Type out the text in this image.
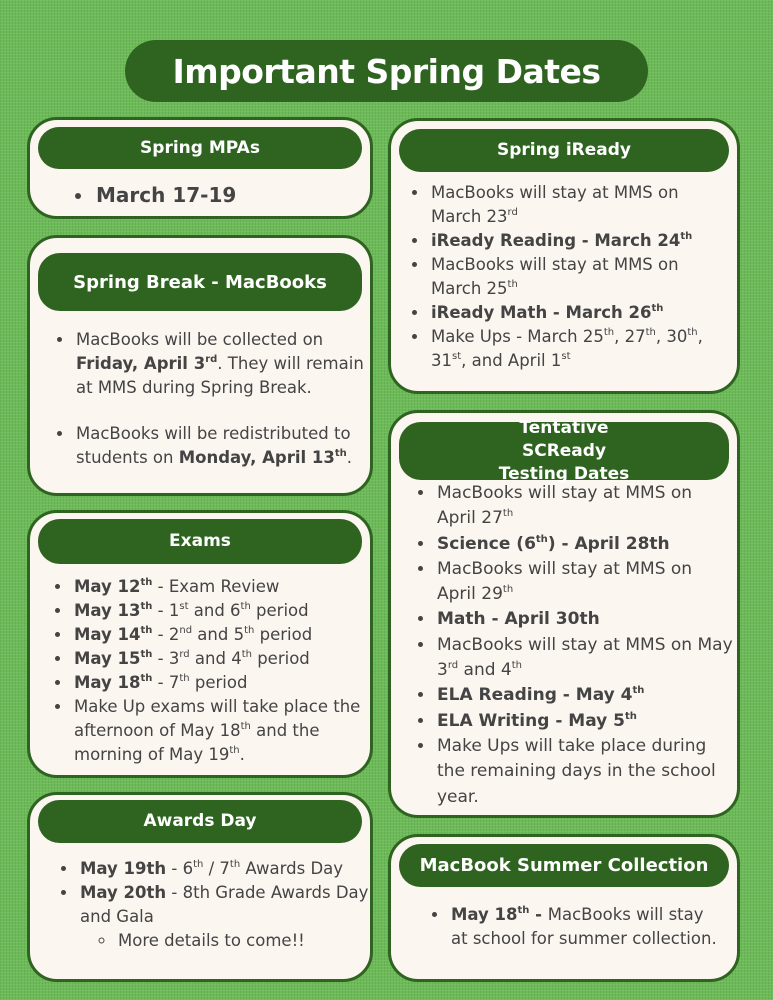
Important Spring Dates
Spring MPAs
• March 17-19
Spring Break - MacBooks
• MacBooks will be collected on Friday, April 3rd. They will remain at MMS during Spring Break.
• MacBooks will be redistributed to students on Monday, April 13th.
Exams
• May 12th - Exam Review
• May 13th - 1st and 6th period
• May 14th - 2nd and 5th period
• May 15th - 3rd and 4th period
• May 18th - 7th period
• Make Up exams will take place the afternoon of May 18th and the morning of May 19th.
Awards Day
• May 19th - 6th / 7th Awards Day
• May 20th - 8th Grade Awards Day and Gala
◦ More details to come!!
Spring iReady
• MacBooks will stay at MMS on March 23rd
• iReady Reading - March 24th
• MacBooks will stay at MMS on March 25th
• iReady Math - March 26th
• Make Ups - March 25th, 27th, 30th, 31st, and April 1st
Tentative SCReady Testing Dates
• MacBooks will stay at MMS on April 27th
• Science (6th) - April 28th
• MacBooks will stay at MMS on April 29th
• Math - April 30th
• MacBooks will stay at MMS on May 3rd and 4th
• ELA Reading - May 4th
• ELA Writing - May 5th
• Make Ups will take place during the remaining days in the school year.
MacBook Summer Collection
• May 18th - MacBooks will stay at school for summer collection.
